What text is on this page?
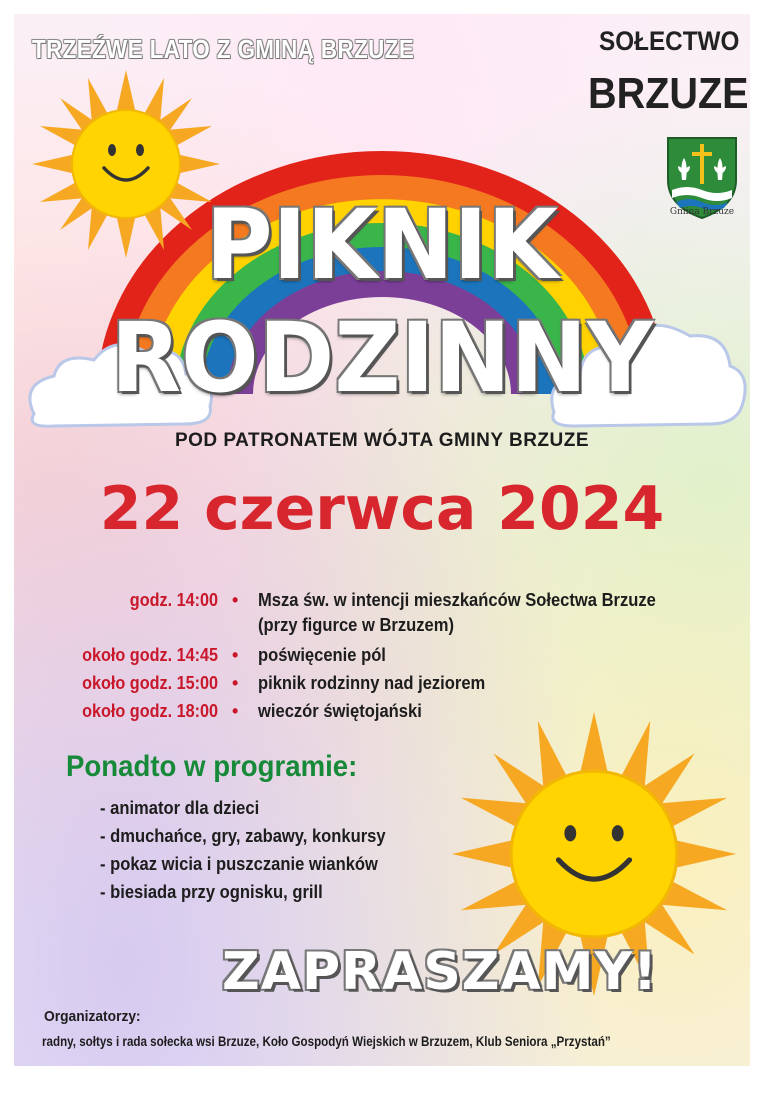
TRZEŹWE LATO Z GMINĄ BRZUZE	SOŁECTWO
BRZUZE
Gmina Brzuze
PIKNIK
RODZINNY
POD PATRONATEM WÓJTA GMINY BRZUZE
22 czerwca 2024
godz. 14:00 • Msza św. w intencji mieszkańców Sołectwa Brzuze
(przy figurce w Brzuzem)
około godz. 14:45 • poświęcenie pól
około godz. 15:00 • piknik rodzinny nad jeziorem
około godz. 18:00 • wieczór świętojański
Ponadto w programie:
- animator dla dzieci
- dmuchańce, gry, zabawy, konkursy
- pokaz wicia i puszczanie wianków
- biesiada przy ognisku, grill
ZAPRASZAMY!
Organizatorzy:
radny, sołtys i rada sołecka wsi Brzuze, Koło Gospodyń Wiejskich w Brzuzem, Klub Seniora „Przystań”
